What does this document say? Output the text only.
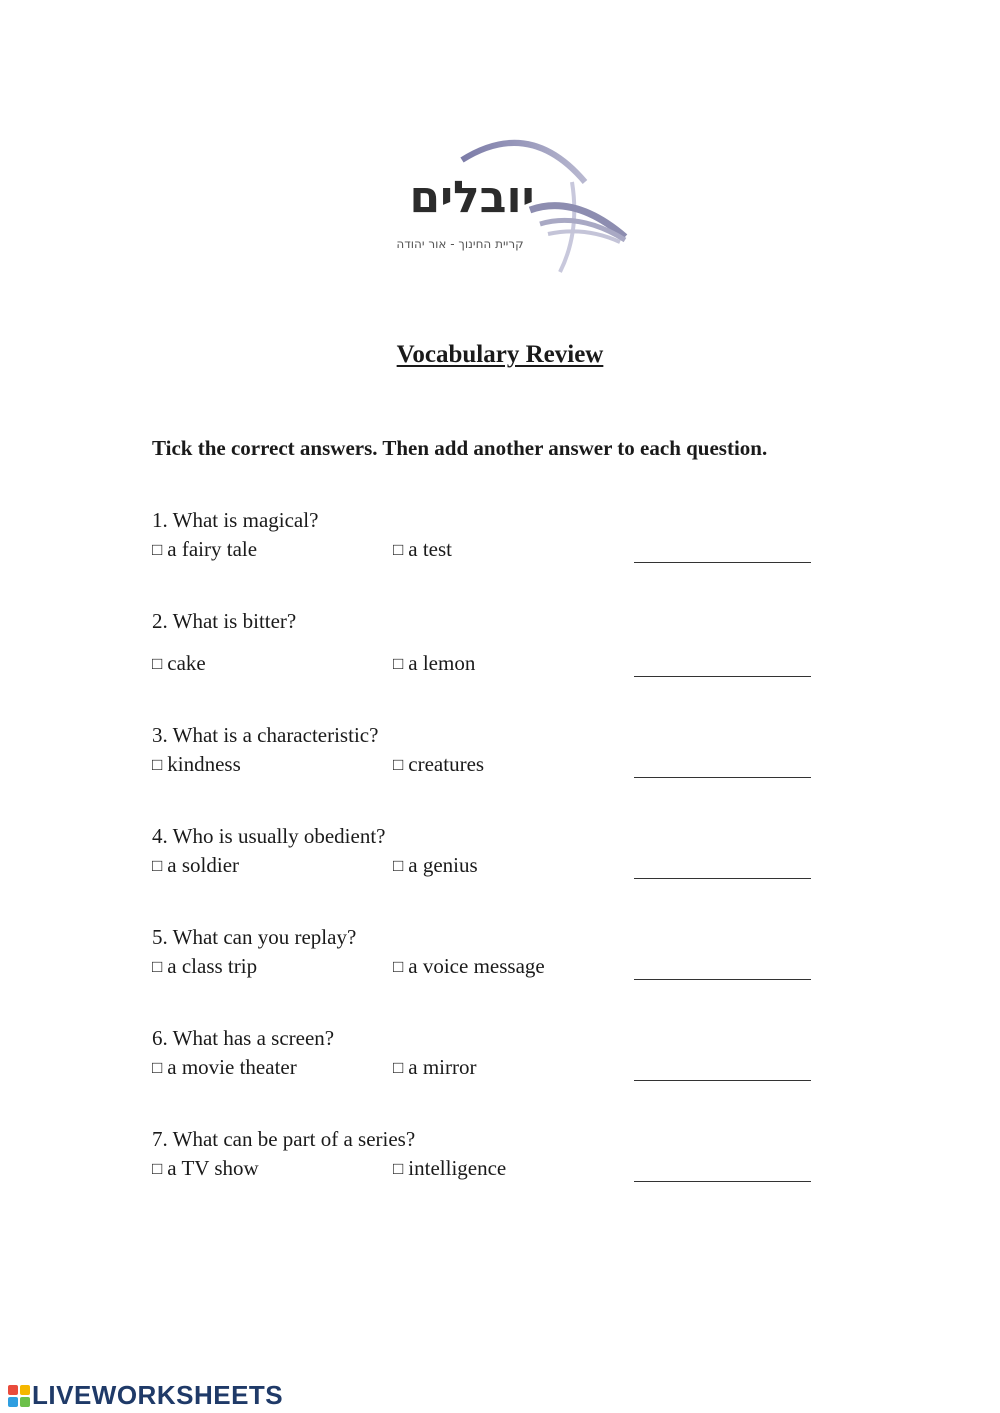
יובלים
קריית החינוך - אור יהודה
Vocabulary Review
Tick the correct answers. Then add another answer to each question.
1. What is magical?
□ a fairy tale	□ a test
2. What is bitter?
□ cake	□ a lemon
3. What is a characteristic?
□ kindness	□ creatures
4. Who is usually obedient?
□ a soldier	□ a genius
5. What can you replay?
□ a class trip	□ a voice message
6. What has a screen?
□ a movie theater	□ a mirror
7. What can be part of a series?
□ a TV show	□ intelligence
LIVEWORKSHEETS
